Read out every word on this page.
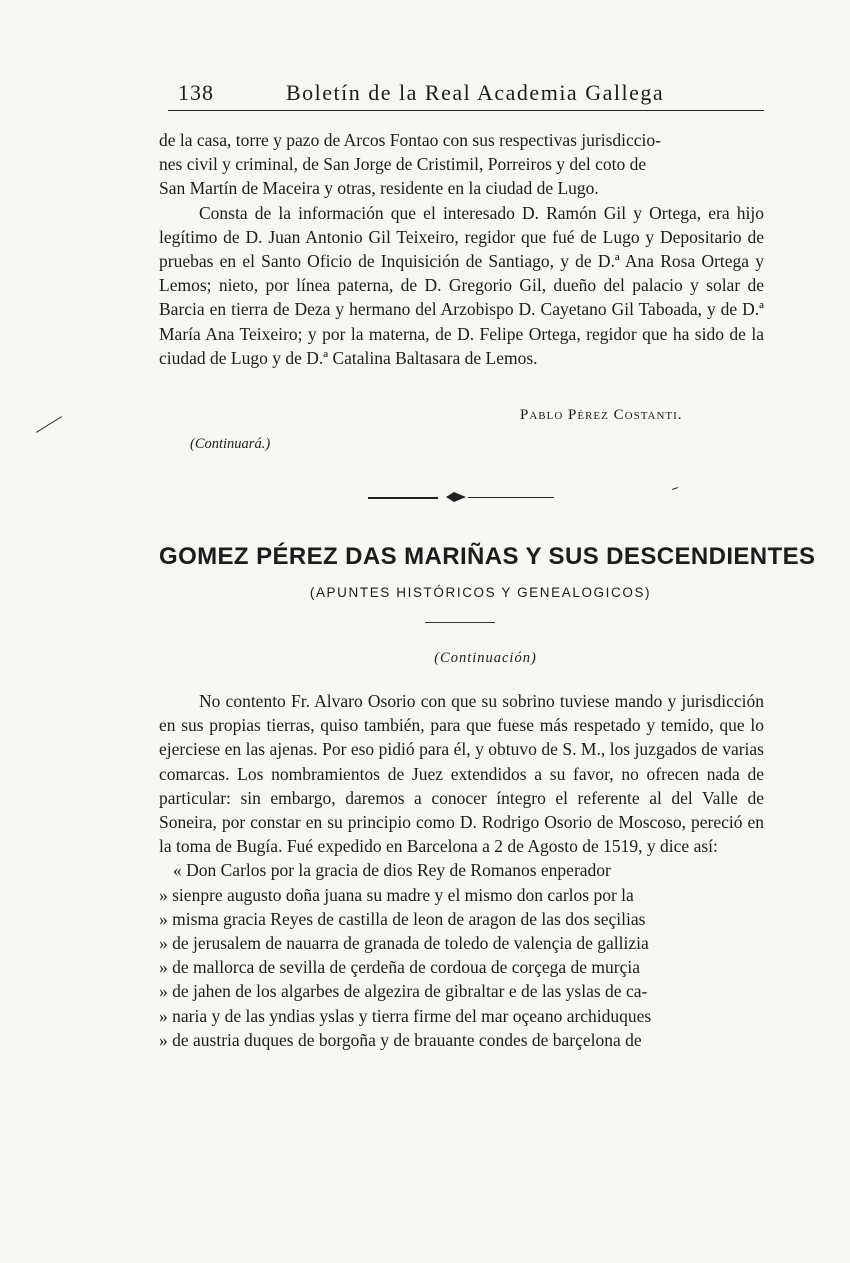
138	Boletín de la Real Academia Gallega

de la casa, torre y pazo de Arcos Fontao con sus respectivas jurisdiccio-

nes civil y criminal, de San Jorge de Cristimil, Porreiros y del coto de

San Martín de Maceira y otras, residente en la ciudad de Lugo.

Consta de la información que el interesado D. Ramón Gil y Ortega, era hijo legítimo de D. Juan Antonio Gil Teixeiro, regidor que fué de Lugo y Depositario de pruebas en el Santo Oficio de Inquisición de Santiago, y de D.ª Ana Rosa Ortega y Lemos; nieto, por línea paterna, de D. Gregorio Gil, dueño del palacio y solar de Barcia en tierra de Deza y hermano del Arzobispo D. Cayetano Gil Taboada, y de D.ª María Ana Teixeiro; y por la materna, de D. Felipe Ortega, regidor que ha sido de la ciudad de Lugo y de D.ª Catalina Baltasara de Lemos.

Pablo Pérez Costanti.
(Continuará.)
GOMEZ PÉREZ DAS MARIÑAS Y SUS DESCENDIENTES
(APUNTES HISTÓRICOS Y GENEALOGICOS)
(Continuación)

No contento Fr. Alvaro Osorio con que su sobrino tuviese mando y jurisdicción en sus propias tierras, quiso también, para que fuese más respetado y temido, que lo ejerciese en las ajenas. Por eso pidió para él, y obtuvo de S. M., los juzgados de varias comarcas. Los nombramientos de Juez extendidos a su favor, no ofrecen nada de particular: sin embargo, daremos a conocer íntegro el referente al del Valle de Soneira, por constar en su principio como D. Rodrigo Osorio de Moscoso, pereció en la toma de Bugía. Fué expedido en Barcelona a 2 de Agosto de 1519, y dice así:

« Don Carlos por la gracia de dios Rey de Romanos enperador

» sienpre augusto doña juana su madre y el mismo don carlos por la

» misma gracia Reyes de castilla de leon de aragon de las dos seçilias

» de jerusalem de nauarra de granada de toledo de valençia de gallizia

» de mallorca de sevilla de çerdeña de cordoua de corçega de murçia

» de jahen de los algarbes de algezira de gibraltar e de las yslas de ca-

» naria y de las yndias yslas y tierra firme del mar oçeano archiduques

» de austria duques de borgoña y de brauante condes de barçelona de
